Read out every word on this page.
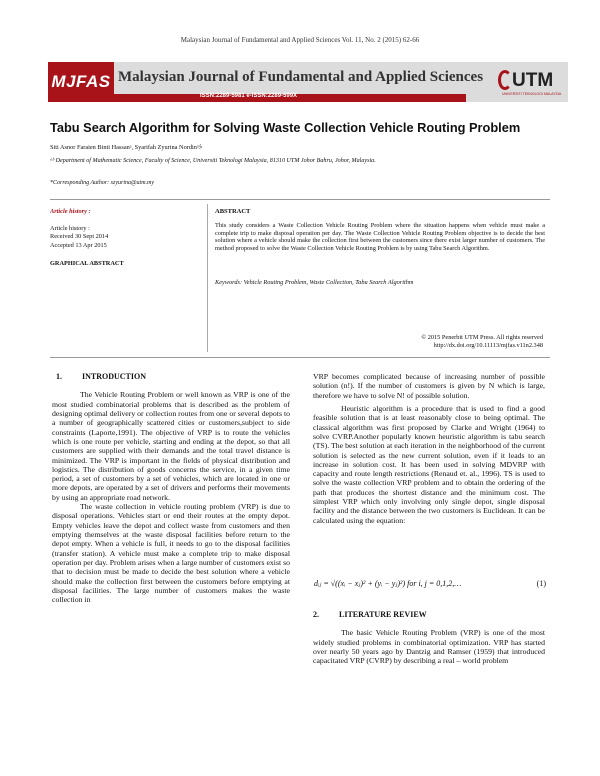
Malaysian Journal of Fundamental and Applied Sciences Vol. 11, No. 2 (2015) 62-66
MJFAS Malaysian Journal of Fundamental and Applied Sciences
ISSN:2289-5981 e-ISSN:2289-599X
UTM
UNIVERSITI TEKNOLOGI MALAYSIA
Tabu Search Algorithm for Solving Waste Collection Vehicle Routing Problem
Siti Asnor Faraien Binti Hassanᵃ, Syarifah Zyurina Nordinᵃ⩼
ᵃᵇ Department of Mathematic Science, Faculty of Science, Universiti Teknologi Malaysia, 81310 UTM Johor Bahru, Johor, Malaysia.
*Corresponding Author: szyurina@utm.my
Article history :
Article history :
Received 30 Sept 2014
Accepted 13 Apr 2015
GRAPHICAL ABSTRACT
ABSTRACT
This study considers a Waste Collection Vehicle Routing Problem where the situation happens when vehicle must make a complete trip to make disposal operation per day. The Waste Collection Vehicle Routing Problem objective is to decide the best solution where a vehicle should make the collection first between the customers since there exist larger number of customers. The method proposed to solve the Waste Collection Vehicle Routing Problem is by using Tabu Search Algorithm.
Keywords: Vehicle Routing Problem, Waste Collection, Tabu Search Algorithm
© 2015 Penerbit UTM Press. All rights reserved
http://dx.doi.org/10.11113/mjfas.v11n2.348
1.          INTRODUCTION

The Vehicle Routing Problem or well known as VRP is one of the most studied combinatorial problems that is described as the problem of designing optimal delivery or collection routes from one or several depots to a number of geographically scattered cities or customers,subject to side constraints (Laporte,1991). The objective of VRP is to route the vehicles which is one route per vehicle, starting and ending at the depot, so that all customers are supplied with their demands and the total travel distance is minimized. The VRP is important in the fields of physical distribution and logistics. The distribution of goods concerns the service, in a given time period, a set of customers by a set of vehicles, which are located in one or more depots, are operated by a set of drivers and performs their movements by using an appropriate road network.

The waste collection in vehicle routing problem (VRP) is due to disposal operations. Vehicles start or end their routes at the empty depot. Empty vehicles leave the depot and collect waste from customers and then emptying themselves at the waste disposal facilities before return to the depot empty. When a vehicle is full, it needs to go to the disposal facilities (transfer station). A vehicle must make a complete trip to make disposal operation per day. Problem arises when a large number of customers exist so that to decision must be made to decide the best solution where a vehicle should make the collection first between the customers before emptying at disposal facilities. The large number of customers makes the waste collection in

VRP becomes complicated because of increasing number of possible solution (n!). If the number of customers is given by N which is large, therefore we have to solve N! of possible solution.

Heuristic algorithm is a procedure that is used to find a good feasible solution that is at least reasonably close to being optimal. The classical algorithm was first proposed by Clarke and Wright (1964) to solve CVRP.Another popularly known heuristic algorithm is tabu search (TS). The best solution at each iteration in the neighborhood of the current solution is selected as the new current solution, even if it leads to an increase in solution cost. It has been used in solving MDVRP with capacity and route length restrictions (Renaud et. al., 1996). TS is used to solve the waste collection VRP problem and to obtain the ordering of the path that produces the shortest distance and the minimum cost. The simplest VRP which only involving only single depot, single disposal facility and the distance between the two customers is Euclidean. It can be calculated using the equation:

dᵢⱼ = √((xᵢ − xⱼ)² + (yᵢ − yⱼ)²) for i, j = 0,1,2,…	(1)
2.          LITERATURE REVIEW

The basic Vehicle Routing Problem (VRP) is one of the most widely studied problems in combinatorial optimization. VRP has started over nearly 50 years ago by Dantzig and Ramser (1959) that introduced capacitated VRP (CVRP) by describing a real – world problem
